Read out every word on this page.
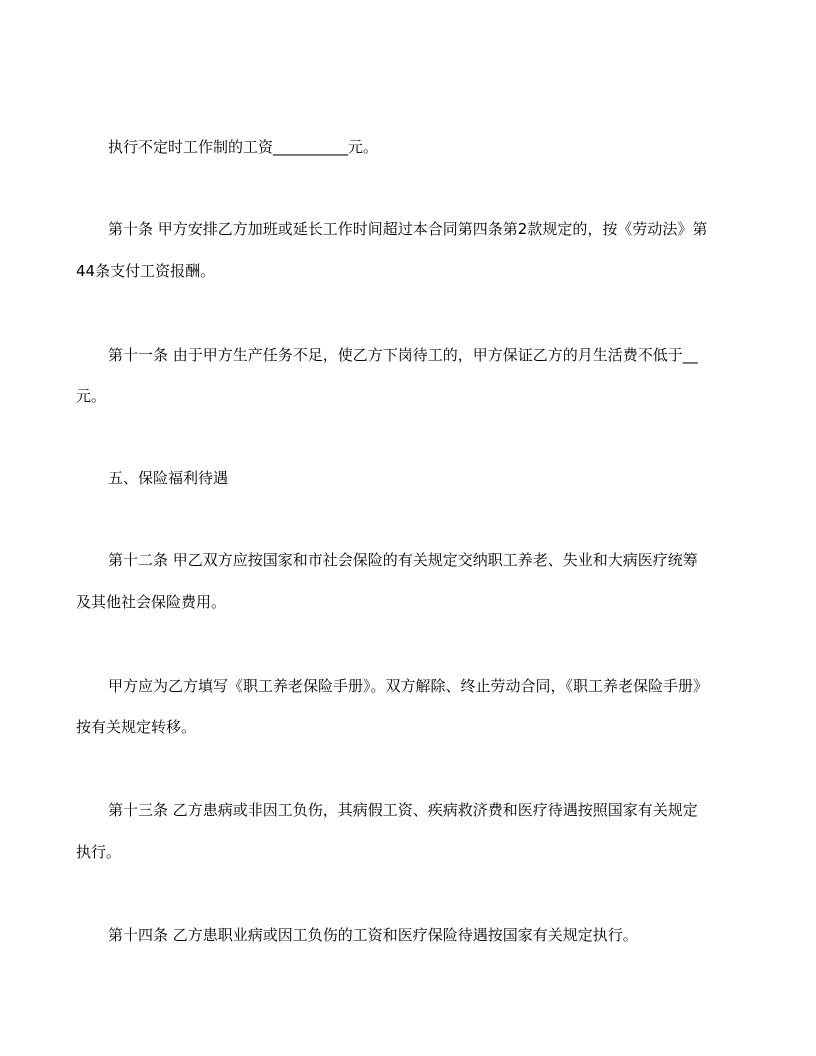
执行不定时工作制的工资__________元。
第十条 甲方安排乙方加班或延长工作时间超过本合同第四条第2款规定的，按《劳动法》第
44条支付工资报酬。
第十一条 由于甲方生产任务不足，使乙方下岗待工的，甲方保证乙方的月生活费不低于__
元。
五、保险福利待遇
第十二条 甲乙双方应按国家和市社会保险的有关规定交纳职工养老、失业和大病医疗统筹
及其他社会保险费用。
甲方应为乙方填写《职工养老保险手册》。双方解除、终止劳动合同，《职工养老保险手册》
按有关规定转移。
第十三条 乙方患病或非因工负伤，其病假工资、疾病救济费和医疗待遇按照国家有关规定
执行。
第十四条 乙方患职业病或因工负伤的工资和医疗保险待遇按国家有关规定执行。
